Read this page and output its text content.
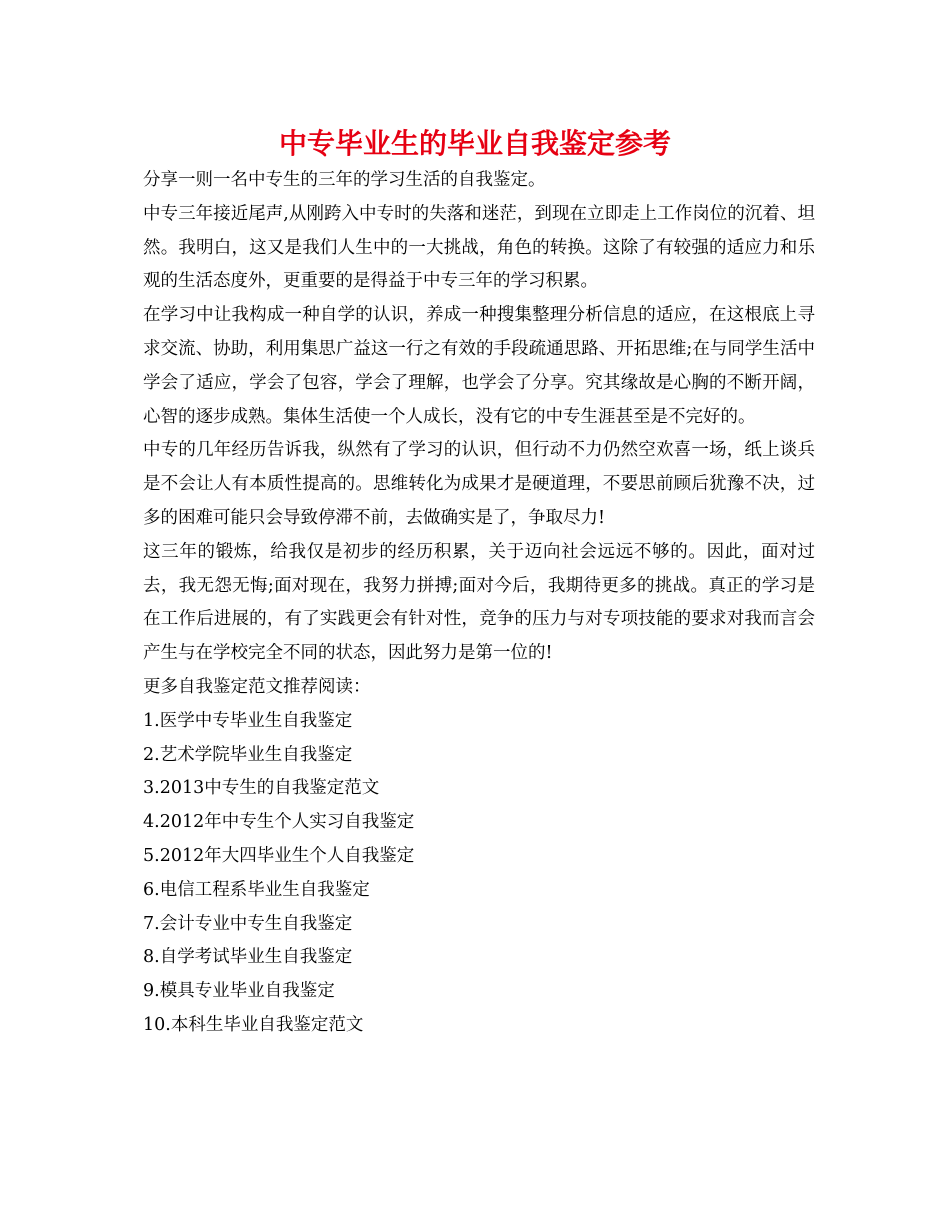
中专毕业生的毕业自我鉴定参考

分享一则一名中专生的三年的学习生活的自我鉴定。

中专三年接近尾声,从刚跨入中专时的失落和迷茫，到现在立即走上工作岗位的沉着、坦然。我明白，这又是我们人生中的一大挑战，角色的转换。这除了有较强的适应力和乐观的生活态度外，更重要的是得益于中专三年的学习积累。

在学习中让我构成一种自学的认识，养成一种搜集整理分析信息的适应，在这根底上寻求交流、协助，利用集思广益这一行之有效的手段疏通思路、开拓思维;在与同学生活中学会了适应，学会了包容，学会了理解，也学会了分享。究其缘故是心胸的不断开阔，心智的逐步成熟。集体生活使一个人成长，没有它的中专生涯甚至是不完好的。

中专的几年经历告诉我，纵然有了学习的认识，但行动不力仍然空欢喜一场，纸上谈兵是不会让人有本质性提高的。思维转化为成果才是硬道理，不要思前顾后犹豫不决，过多的困难可能只会导致停滞不前，去做确实是了，争取尽力!

这三年的锻炼，给我仅是初步的经历积累，关于迈向社会远远不够的。因此，面对过去，我无怨无悔;面对现在，我努力拼搏;面对今后，我期待更多的挑战。真正的学习是在工作后进展的，有了实践更会有针对性，竞争的压力与对专项技能的要求对我而言会产生与在学校完全不同的状态，因此努力是第一位的!

更多自我鉴定范文推荐阅读：

1.医学中专毕业生自我鉴定
2.艺术学院毕业生自我鉴定
3.2013中专生的自我鉴定范文
4.2012年中专生个人实习自我鉴定
5.2012年大四毕业生个人自我鉴定
6.电信工程系毕业生自我鉴定
7.会计专业中专生自我鉴定
8.自学考试毕业生自我鉴定
9.模具专业毕业自我鉴定
10.本科生毕业自我鉴定范文
